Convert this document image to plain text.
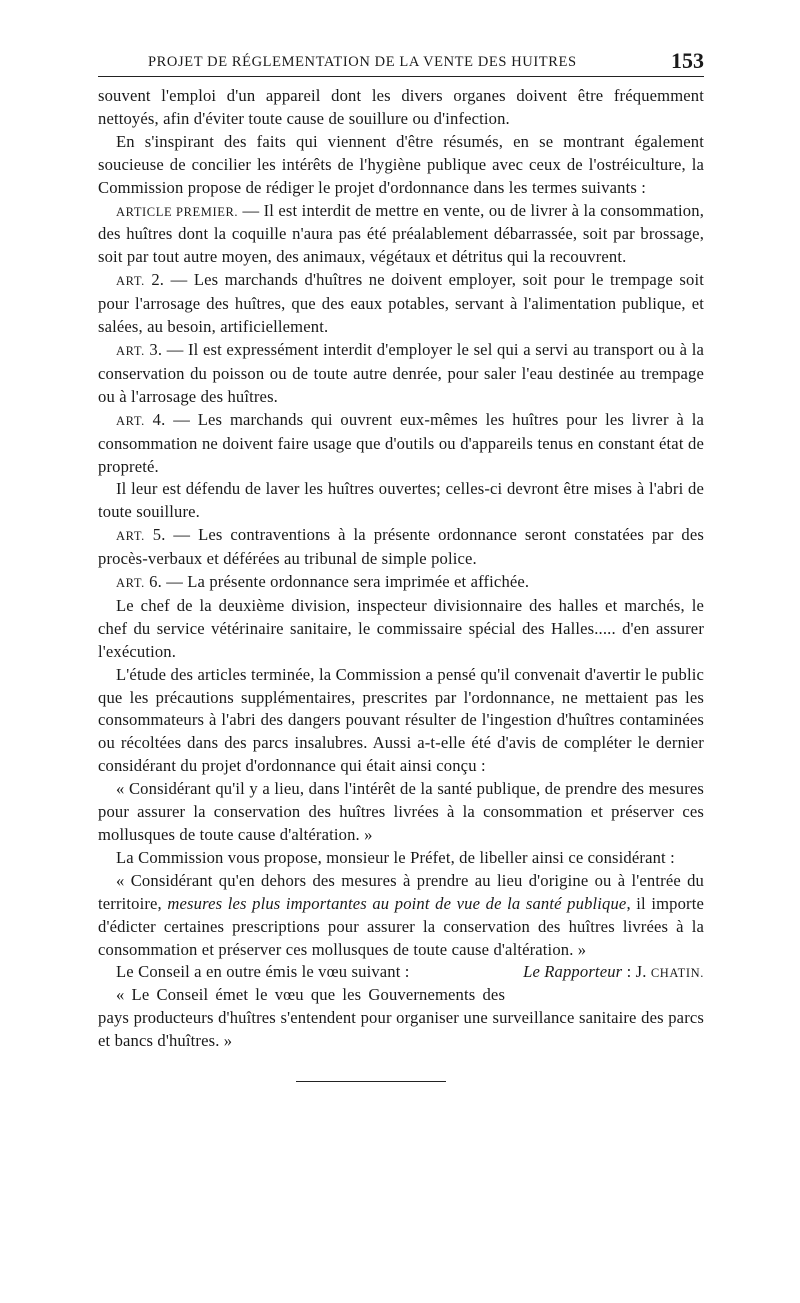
PROJET DE RÉGLEMENTATION DE LA VENTE DES HUITRES	153

souvent l'emploi d'un appareil dont les divers organes doivent être fréquemment nettoyés, afin d'éviter toute cause de souillure ou d'infection.

En s'inspirant des faits qui viennent d'être résumés, en se montrant également soucieuse de concilier les intérêts de l'hygiène publique avec ceux de l'ostréiculture, la Commission propose de rédiger le projet d'ordonnance dans les termes suivants :

ARTICLE PREMIER. — Il est interdit de mettre en vente, ou de livrer à la consommation, des huîtres dont la coquille n'aura pas été préalablement débarrassée, soit par brossage, soit par tout autre moyen, des animaux, végétaux et détritus qui la recouvrent.

ART. 2. — Les marchands d'huîtres ne doivent employer, soit pour le trempage soit pour l'arrosage des huîtres, que des eaux potables, servant à l'alimentation publique, et salées, au besoin, artificiellement.

ART. 3. — Il est expressément interdit d'employer le sel qui a servi au transport ou à la conservation du poisson ou de toute autre denrée, pour saler l'eau destinée au trempage ou à l'arrosage des huîtres.

ART. 4. — Les marchands qui ouvrent eux-mêmes les huîtres pour les livrer à la consommation ne doivent faire usage que d'outils ou d'appareils tenus en constant état de propreté.

Il leur est défendu de laver les huîtres ouvertes; celles-ci devront être mises à l'abri de toute souillure.

ART. 5. — Les contraventions à la présente ordonnance seront constatées par des procès-verbaux et déférées au tribunal de simple police.

ART. 6. — La présente ordonnance sera imprimée et affichée.

Le chef de la deuxième division, inspecteur divisionnaire des halles et marchés, le chef du service vétérinaire sanitaire, le commissaire spécial des Halles..... d'en assurer l'exécution.

L'étude des articles terminée, la Commission a pensé qu'il convenait d'avertir le public que les précautions supplémentaires, prescrites par l'ordonnance, ne mettaient pas les consommateurs à l'abri des dangers pouvant résulter de l'ingestion d'huîtres contaminées ou récoltées dans des parcs insalubres. Aussi a-t-elle été d'avis de compléter le dernier considérant du projet d'ordonnance qui était ainsi conçu :

« Considérant qu'il y a lieu, dans l'intérêt de la santé publique, de prendre des mesures pour assurer la conservation des huîtres livrées à la consommation et préserver ces mollusques de toute cause d'altération. »

La Commission vous propose, monsieur le Préfet, de libeller ainsi ce considérant :

« Considérant qu'en dehors des mesures à prendre au lieu d'origine ou à l'entrée du territoire, mesures les plus importantes au point de vue de la santé publique, il importe d'édicter certaines prescriptions pour assurer la conservation des huîtres livrées à la consommation et préserver ces mollusques de toute cause d'altération. »
Le Rapporteur : J. CHATIN.

Le Conseil a en outre émis le vœu suivant :

« Le Conseil émet le vœu que les Gouvernements des pays producteurs d'huîtres s'entendent pour organiser une surveillance sanitaire des parcs et bancs d'huîtres. »
